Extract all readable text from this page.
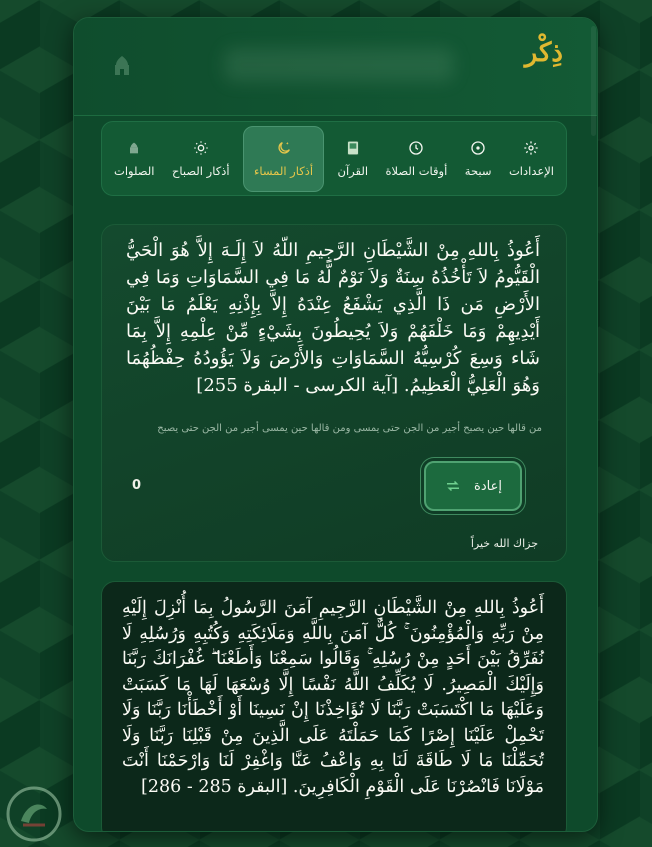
ذِكْر
الإعدادات
سبحة
أوقات الصلاة
القرآن
أذكار المساء
أذكار الصباح
الصلوات
أَعُوذُ بِاللهِ مِنْ الشَّيْطَانِ الرَّجِيمِ اللّهُ لاَ إِلَـهَ إِلاَّ هُوَ الْحَيُّ الْقَيُّومُ لاَ تَأْخُذُهُ سِنَةٌ وَلاَ نَوْمٌ لَّهُ مَا فِي السَّمَاوَاتِ وَمَا فِي الأَرْضِ مَن ذَا الَّذِي يَشْفَعُ عِنْدَهُ إِلاَّ بِإِذْنِهِ يَعْلَمُ مَا بَيْنَ أَيْدِيهِمْ وَمَا خَلْفَهُمْ وَلاَ يُحِيطُونَ بِشَيْءٍ مِّنْ عِلْمِهِ إِلاَّ بِمَا شَاء وَسِعَ كُرْسِيُّهُ السَّمَاوَاتِ وَالأَرْضَ وَلاَ يَؤُودُهُ حِفْظُهُمَا وَهُوَ الْعَلِيُّ الْعَظِيمُ. [آية الكرسى - البقرة 255]
من قالها حين يصبح أجير من الجن حتى يمسى ومن قالها حين يمسى أجير من الجن حتى يصبح
إعادة
0
جزاك الله خيراً
أَعُوذُ بِاللهِ مِنْ الشَّيْطَانِ الرَّجِيمِ آمَنَ الرَّسُولُ بِمَا أُنْزِلَ إِلَيْهِ مِنْ رَبِّهِ وَالْمُؤْمِنُونَ ۚ كُلٌّ آمَنَ بِاللَّهِ وَمَلَائِكَتِهِ وَكُتُبِهِ وَرُسُلِهِ لَا نُفَرِّقُ بَيْنَ أَحَدٍ مِنْ رُسُلِهِ ۚ وَقَالُوا سَمِعْنَا وَأَطَعْنَا ۖ غُفْرَانَكَ رَبَّنَا وَإِلَيْكَ الْمَصِيرُ. لَا يُكَلِّفُ اللَّهُ نَفْسًا إِلَّا وُسْعَهَا لَهَا مَا كَسَبَتْ وَعَلَيْهَا مَا اكْتَسَبَتْ رَبَّنَا لَا تُؤَاخِذْنَا إِنْ نَسِينَا أَوْ أَخْطَأْنَا رَبَّنَا وَلَا تَحْمِلْ عَلَيْنَا إِصْرًا كَمَا حَمَلْتَهُ عَلَى الَّذِينَ مِنْ قَبْلِنَا رَبَّنَا وَلَا تُحَمِّلْنَا مَا لَا طَاقَةَ لَنَا بِهِ وَاعْفُ عَنَّا وَاغْفِرْ لَنَا وَارْحَمْنَا أَنْتَ مَوْلَانَا فَانْصُرْنَا عَلَى الْقَوْمِ الْكَافِرِينَ. [البقرة 285 - 286]
